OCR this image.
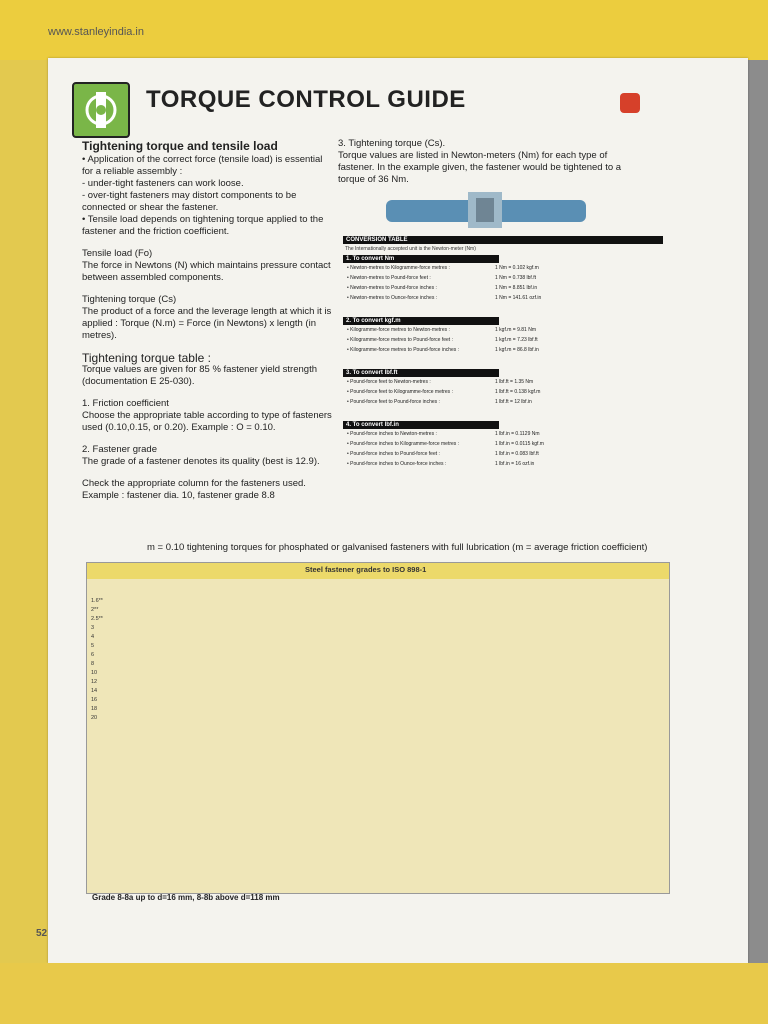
www.stanleyindia.in
52
TORQUE CONTROL GUIDE
Tightening torque and tensile load

• Application of the correct force (tensile load) is essential for a reliable assembly :
- under-tight fasteners can work loose.
- over-tight fasteners may distort components to be connected or shear the fastener.
• Tensile load depends on tightening torque applied to the fastener and the friction coefficient.

Tensile load (Fo)
The force in Newtons (N) which maintains pressure contact between assembled components.

Tightening torque (Cs)
The product of a force and the leverage length at which it is applied : Torque (N.m) = Force (in Newtons) x length (in metres).

Tightening torque table :

Torque values are given for 85 % fastener yield strength (documentation E 25-030).

1. Friction coefficient
Choose the appropriate table according to type of fasteners used (0.10,0.15, or 0.20). Example : O = 0.10.

2. Fastener grade
The grade of a fastener denotes its quality (best is 12.9).

Check the appropriate column for the fasteners used. Example : fastener dia. 10, fastener grade 8.8

3. Tightening torque (Cs).
Torque values are listed in Newton-meters (Nm) for each type of fastener. In the example given, the fastener would be tightened to a torque of 36 Nm.
CONVERSION TABLE
The Internationally accepted unit is the Newton-meter (Nm)
1. To convert Nm
• Newton-metres to Kilogramme-force metres :	1 Nm = 0.102 kgf.m
• Newton-metres to Pound-force feet :	1 Nm = 0.738 lbf.ft
• Newton-metres to Pound-force inches :	1 Nm = 8.851 lbf.in
• Newton-metres to Ounce-force inches :	1 Nm = 141.61 ozf.in
2. To convert kgf.m
• Kilogramme-force metres to Newton-metres :	1 kgf.m = 9.81 Nm
• Kilogramme-force metres to Pound-force feet :	1 kgf.m = 7.23 lbf.ft
• Kilogramme-force metres to Pound-force inches :	1 kgf.m = 86.8 lbf.in
3. To convert lbf.ft
• Pound-force feet to Newton-metres :	1 lbf.ft = 1.35 Nm
• Pound-force feet to Kilogramme-force metres :	1 lbf.ft = 0.138 kgf.m
• Pound-force feet to Pound-force inches :	1 lbf.ft = 12 lbf.in
4. To convert lbf.in
• Pound-force inches to Newton-metres :	1 lbf.in = 0.1129 Nm
• Pound-force inches to Kilogramme-force metres :	1 lbf.in = 0.0115 kgf.m
• Pound-force inches to Pound-force feet :	1 lbf.in = 0.083 lbf.ft
• Pound-force inches to Ounce-force inches :	1 lbf.in = 16 ozf.in
m = 0.10 tightening torques for phosphated or galvanised fasteners with full lubrication (m = average friction coefficient)
Steel fastener grades to ISO 898-1
1.6**
2**
2.5**
3
4
5
6
8
10
12
14
16
18
20
Grade 8-8a up to d=16 mm, 8-8b above d=118 mm
